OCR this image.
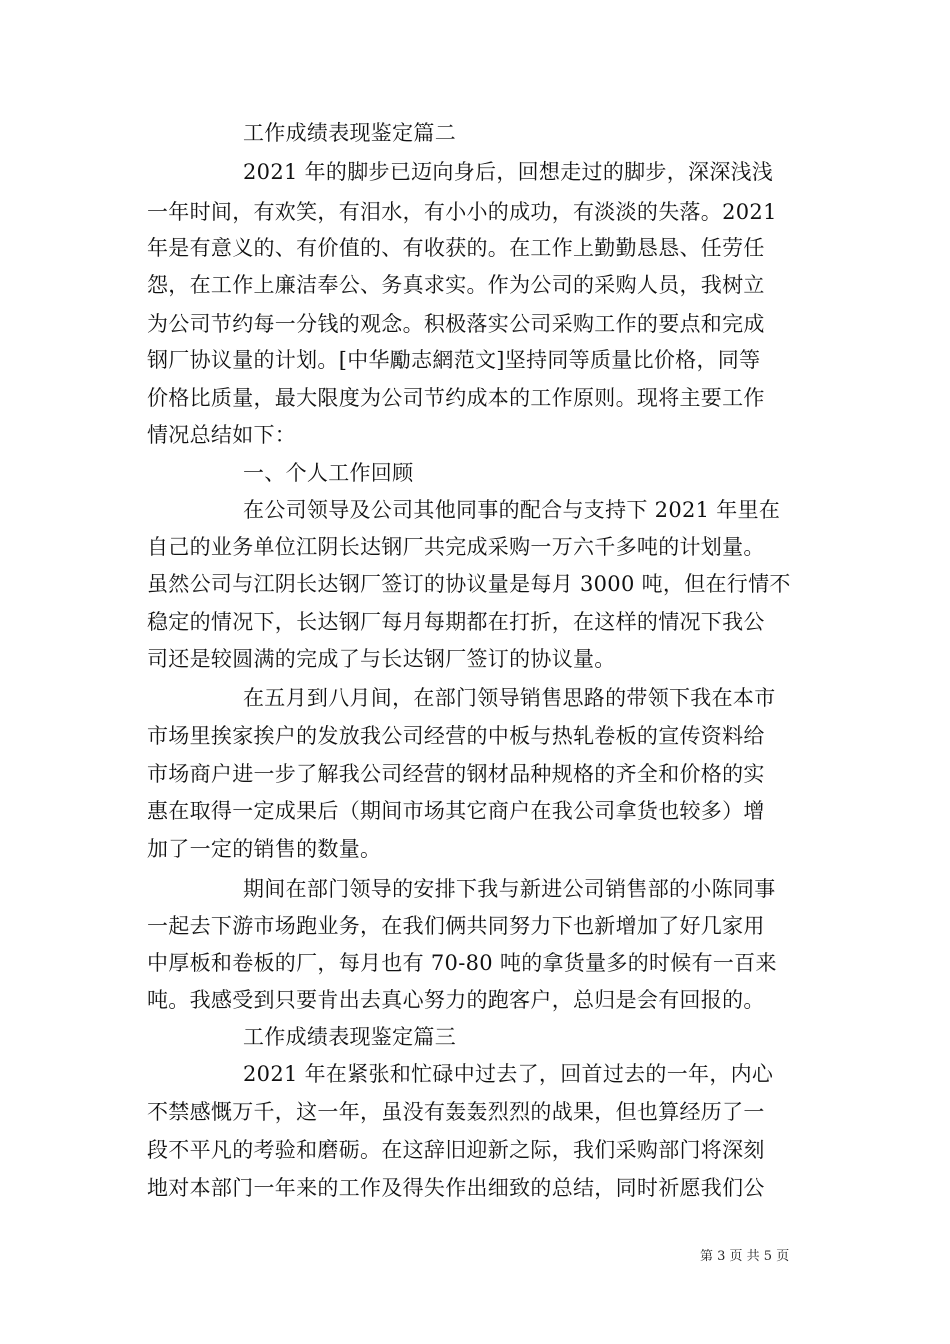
工作成绩表现鉴定篇二
2021 年的脚步已迈向身后，回想走过的脚步，深深浅浅
一年时间，有欢笑，有泪水，有小小的成功，有淡淡的失落。2021
年是有意义的、有价值的、有收获的。在工作上勤勤恳恳、任劳任
怨，在工作上廉洁奉公、务真求实。作为公司的采购人员，我树立
为公司节约每一分钱的观念。积极落实公司采购工作的要点和完成
钢厂协议量的计划。[中华勵志網范文]坚持同等质量比价格，同等
价格比质量，最大限度为公司节约成本的工作原则。现将主要工作
情况总结如下：
一、个人工作回顾
在公司领导及公司其他同事的配合与支持下 2021 年里在
自己的业务单位江阴长达钢厂共完成采购一万六千多吨的计划量。
虽然公司与江阴长达钢厂签订的协议量是每月 3000 吨，但在行情不
稳定的情况下，长达钢厂每月每期都在打折，在这样的情况下我公
司还是较圆满的完成了与长达钢厂签订的协议量。
在五月到八月间，在部门领导销售思路的带领下我在本市
市场里挨家挨户的发放我公司经营的中板与热轧卷板的宣传资料给
市场商户进一步了解我公司经营的钢材品种规格的齐全和价格的实
惠在取得一定成果后（期间市场其它商户在我公司拿货也较多）增
加了一定的销售的数量。
期间在部门领导的安排下我与新进公司销售部的小陈同事
一起去下游市场跑业务，在我们俩共同努力下也新增加了好几家用
中厚板和卷板的厂，每月也有 70-80 吨的拿货量多的时候有一百来
吨。我感受到只要肯出去真心努力的跑客户，总归是会有回报的。
工作成绩表现鉴定篇三
2021 年在紧张和忙碌中过去了，回首过去的一年，内心
不禁感慨万千，这一年，虽没有轰轰烈烈的战果，但也算经历了一
段不平凡的考验和磨砺。在这辞旧迎新之际，我们采购部门将深刻
地对本部门一年来的工作及得失作出细致的总结，同时祈愿我们公
第 3 页 共 5 页
